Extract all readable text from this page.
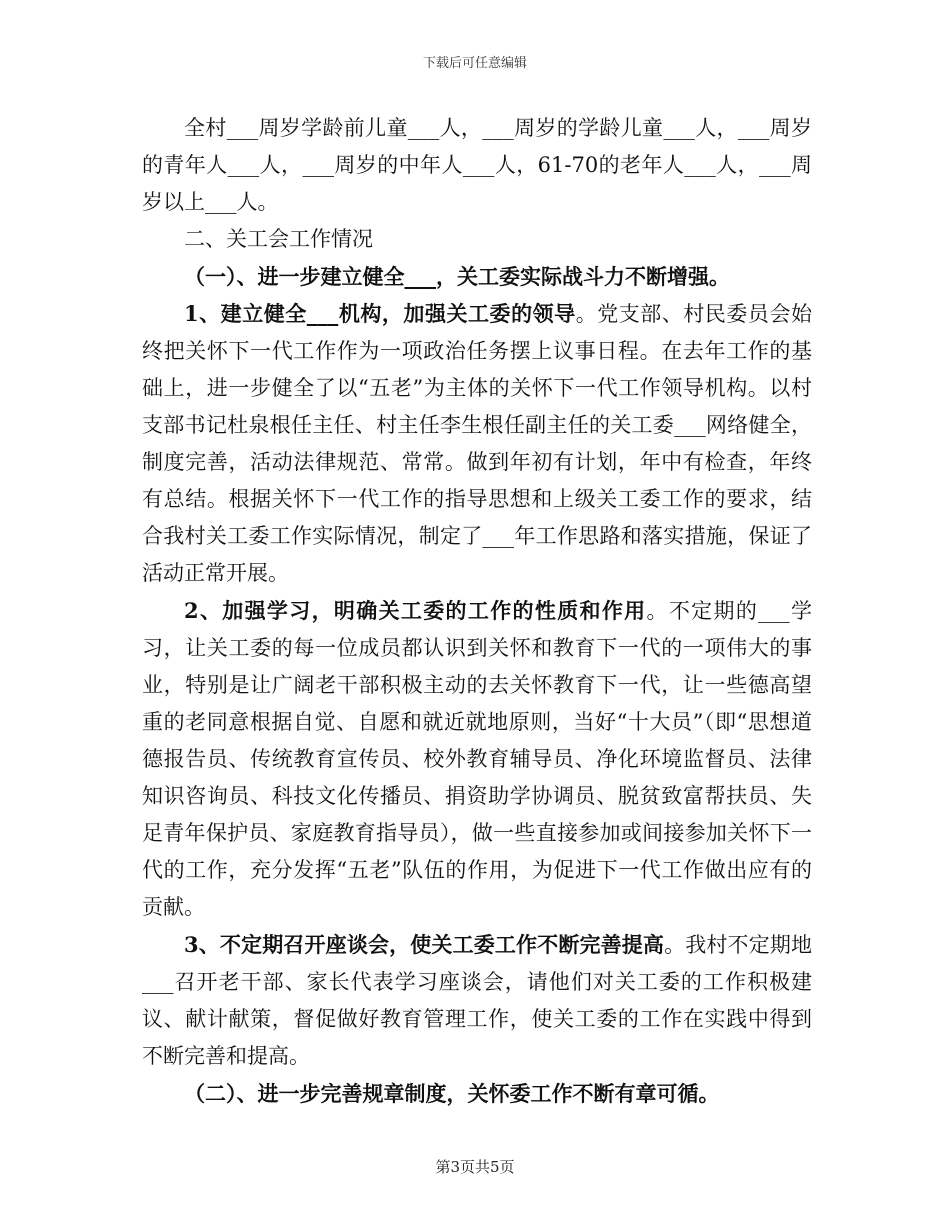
下载后可任意编辑

全村___周岁学龄前儿童___人，___周岁的学龄儿童___人，___周岁的青年人___人，___周岁的中年人___人，61-70的老年人___人，___周岁以上___人。

二、关工会工作情况

（一）、进一步建立健全___，关工委实际战斗力不断增强。

1、建立健全___机构，加强关工委的领导。党支部、村民委员会始终把关怀下一代工作作为一项政治任务摆上议事日程。在去年工作的基础上，进一步健全了以“五老”为主体的关怀下一代工作领导机构。以村支部书记杜泉根任主任、村主任李生根任副主任的关工委___网络健全，制度完善，活动法律规范、常常。做到年初有计划，年中有检查，年终有总结。根据关怀下一代工作的指导思想和上级关工委工作的要求，结合我村关工委工作实际情况，制定了___年工作思路和落实措施，保证了活动正常开展。

2、加强学习，明确关工委的工作的性质和作用。不定期的___学习，让关工委的每一位成员都认识到关怀和教育下一代的一项伟大的事业，特别是让广阔老干部积极主动的去关怀教育下一代，让一些德高望重的老同意根据自觉、自愿和就近就地原则，当好“十大员”（即“思想道德报告员、传统教育宣传员、校外教育辅导员、净化环境监督员、法律知识咨询员、科技文化传播员、捐资助学协调员、脱贫致富帮扶员、失足青年保护员、家庭教育指导员），做一些直接参加或间接参加关怀下一代的工作，充分发挥“五老”队伍的作用，为促进下一代工作做出应有的贡献。

3、不定期召开座谈会，使关工委工作不断完善提高。我村不定期地___召开老干部、家长代表学习座谈会，请他们对关工委的工作积极建议、献计献策，督促做好教育管理工作，使关工委的工作在实践中得到不断完善和提高。

（二）、进一步完善规章制度，关怀委工作不断有章可循。

第3页共5页
